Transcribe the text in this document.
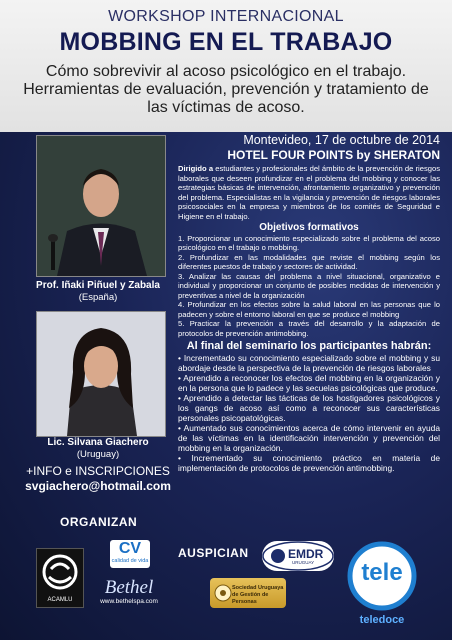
WORKSHOP INTERNACIONAL
MOBBING EN EL TRABAJO
Cómo sobrevivir al acoso psicológico en el trabajo. Herramientas de evaluación, prevención y tratamiento de las víctimas de acoso.
Montevideo, 17 de octubre de 2014
HOTEL FOUR POINTS by SHERATON
Prof. Iñaki Piñuel y Zabala
(España)
Lic. Silvana Giachero
(Uruguay)
+INFO e INSCRIPCIONES
svgiachero@hotmail.com
ORGANIZAN

Dirigido a estudiantes y profesionales del ámbito de la prevención de riesgos laborales que deseen profundizar en el problema del mobbing y conocer las estrategias básicas de intervención, afrontamiento organizativo y prevención del problema. Especialistas en la vigilancia y prevención de riesgos laborales psicosociales en la empresa y miembros de los comités de Seguridad e Higiene en el trabajo.

Objetivos formativos

1. Proporcionar un conocimiento especializado sobre el problema del acoso psicológico en el trabajo o mobbing.

2. Profundizar en las modalidades que reviste el mobbing según los diferentes puestos de trabajo y sectores de actividad.

3. Analizar las causas del problema a nivel situacional, organizativo e individual y proporcionar un conjunto de posibles medidas de intervención y preventivas a nivel de la organización

4. Profundizar en los efectos sobre la salud laboral en las personas que lo padecen y sobre el entorno laboral en que se produce el mobbing

5. Practicar la prevención a través del desarrollo y la adaptación de protocolos de prevención antimobbing.

Al final del seminario los participantes habrán:

• Incrementado su conocimiento especializado sobre el mobbing y su abordaje desde la perspectiva de la prevención de riesgos laborales

• Aprendido a reconocer los efectos del mobbing en la organización y en la persona que lo padece y las secuelas psicológicas que produce.

• Aprendido a detectar las tácticas de los hostigadores psicológicos y los gangs de acoso así como a reconocer sus características personales psicopatológicas.

• Aumentado sus conocimientos acerca de cómo intervenir en ayuda de las víctimas en la identificación intervención y prevención del mobbing en la organización.

• Incrementado su conocimiento práctico en materia de implementación de protocolos de prevención antimobbing.

AUSPICIAN
ACAMLU
CV
calidad de vida
Bethel
www.bethelspa.com
EMDR
URUGUAY
Sociedad Uruguaya de Gestión de Personas
tele
teledoce
